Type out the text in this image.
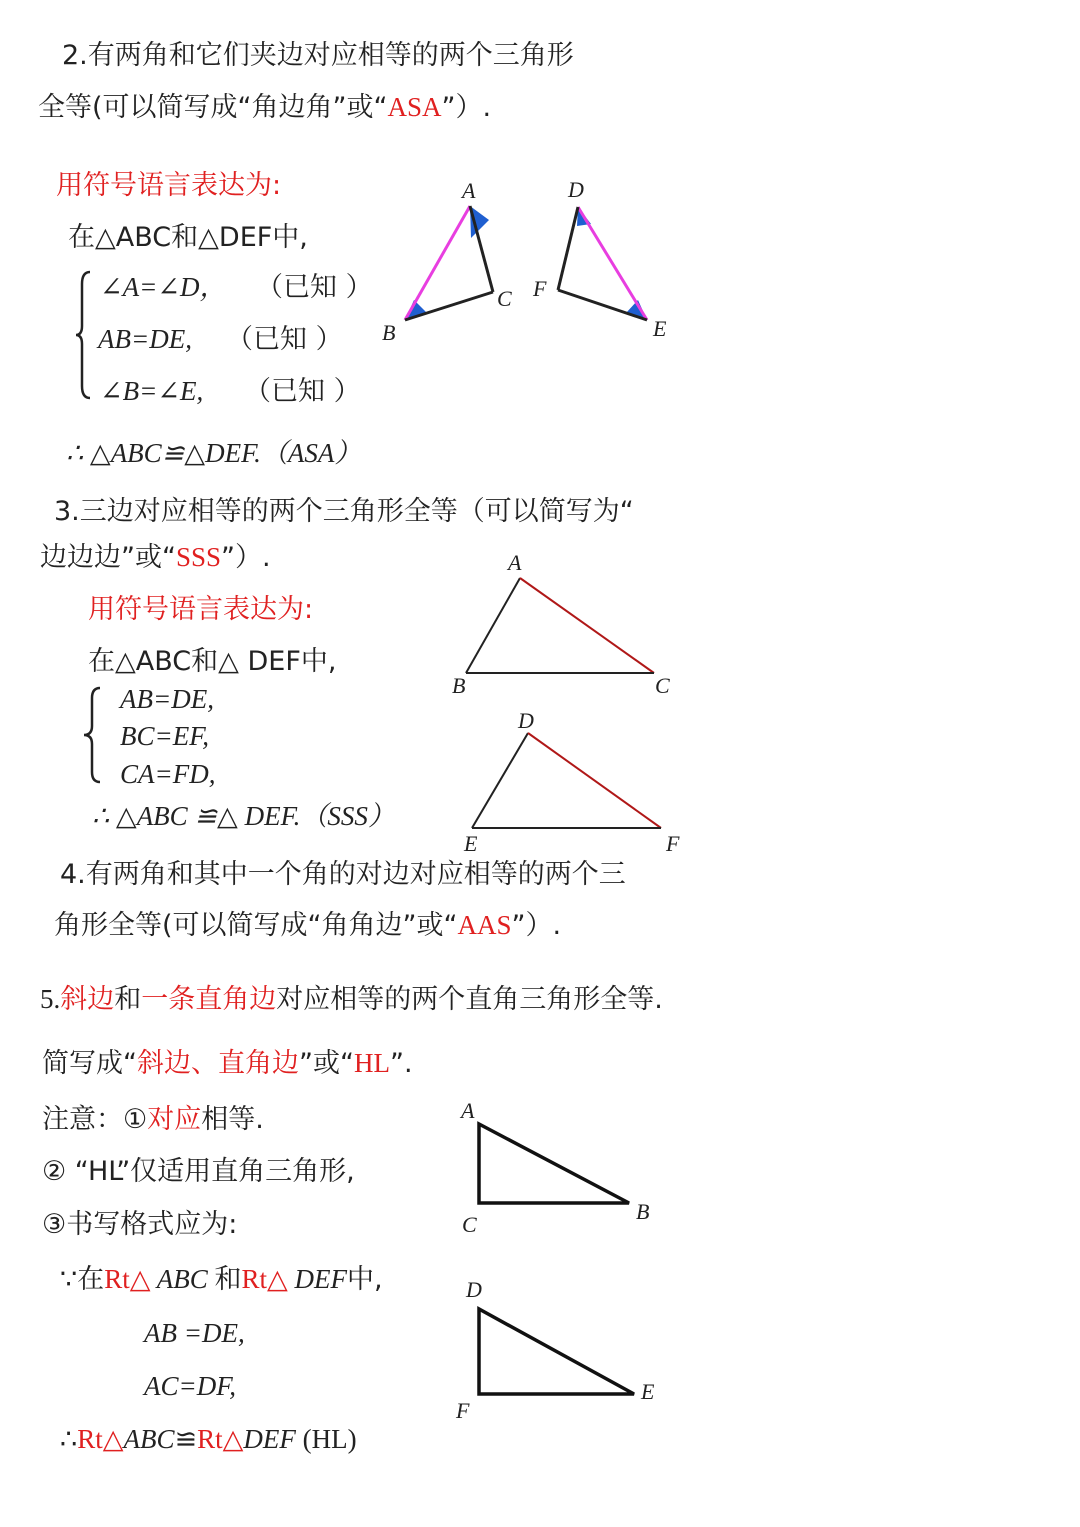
2.有两角和它们夹边对应相等的两个三角形
全等(可以简写成“角边角”或“ASA”）.
用符号语言表达为:
在△ABC和△DEF中,
∠A=∠D， （已知 ）
AB=DE, （已知 ）
∠B=∠E, （已知 ）
∴ △ABC≌△DEF.（ASA）
A
C
B
D
F
E
3.三边对应相等的两个三角形全等（可以简写为“
边边边”或“SSS”）.
用符号语言表达为:
在△ABC和△ DEF中,
AB=DE,
BC=EF,
CA=FD,
∴ △ABC ≌△ DEF.（SSS）
A
B	C
D
E	F
4.有两角和其中一个角的对边对应相等的两个三
角形全等(可以简写成“角角边”或“AAS”）.
5.斜边和一条直角边对应相等的两个直角三角形全等.
简写成“斜边、直角边”或“HL”.
注意：①对应相等.
② “HL”仅适用直角三角形,
③书写格式应为:
∵在Rt△ ABC 和Rt△ DEF中,
AB =DE,
AC=DF,
∴Rt△ABC≌Rt△DEF (HL)
A
C
B
D
F
E
